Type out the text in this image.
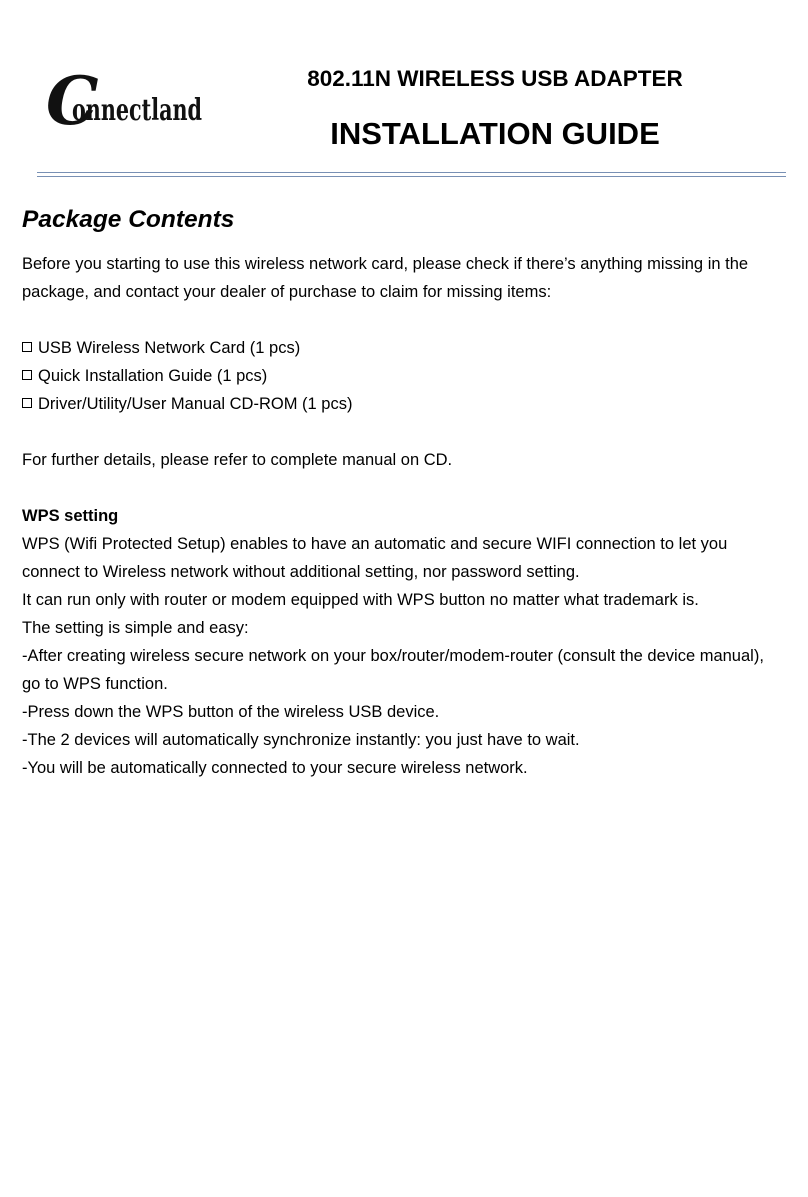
C
onnectland
802.11N WIRELESS USB ADAPTER
INSTALLATION GUIDE
Package Contents

Before you starting to use this wireless network card, please check if there’s anything missing in the

package, and contact your dealer of purchase to claim for missing items:

USB Wireless Network Card (1 pcs)
Quick Installation Guide (1 pcs)
Driver/Utility/User Manual CD-ROM (1 pcs)

For further details, please refer to complete manual on CD.

WPS setting

WPS (Wifi Protected Setup) enables to have an automatic and secure WIFI connection to let you

connect to Wireless network without additional setting, nor password setting.

It can run only with router or modem equipped with WPS button no matter what trademark is.

The setting is simple and easy:

-After creating wireless secure network on your box/router/modem-router (consult the device manual),

go to WPS function.

-Press down the WPS button of the wireless USB device.

-The 2 devices will automatically synchronize instantly: you just have to wait.

-You will be automatically connected to your secure wireless network.
